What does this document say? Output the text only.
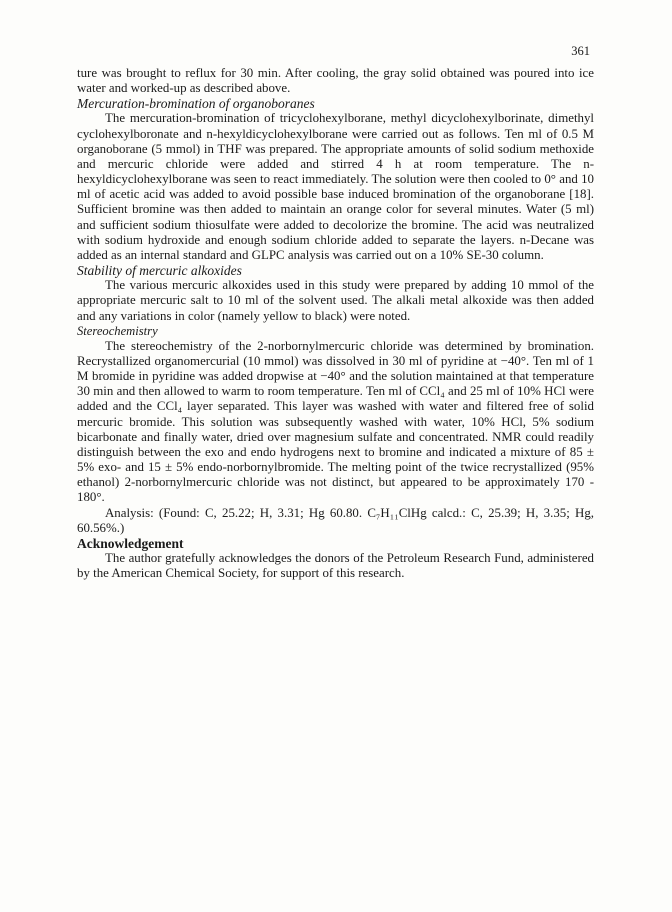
361

ture was brought to reflux for 30 min. After cooling, the gray solid obtained was poured into ice water and worked-up as described above.

Mercuration-bromination of organoboranes

The mercuration-bromination of tricyclohexylborane, methyl dicyclohexylborinate, dimethyl cyclohexylboronate and n-hexyldicyclohexylborane were carried out as follows. Ten ml of 0.5 M organoborane (5 mmol) in THF was prepared. The appropriate amounts of solid sodium methoxide and mercuric chloride were added and stirred 4 h at room temperature. The n-hexyldicyclohexylborane was seen to react immediately. The solution were then cooled to 0° and 10 ml of acetic acid was added to avoid possible base induced bromination of the organoborane [18]. Sufficient bromine was then added to maintain an orange color for several minutes. Water (5 ml) and sufficient sodium thiosulfate were added to decolorize the bromine. The acid was neutralized with sodium hydroxide and enough sodium chloride added to separate the layers. n-Decane was added as an internal standard and GLPC analysis was carried out on a 10% SE-30 column.

Stability of mercuric alkoxides

The various mercuric alkoxides used in this study were prepared by adding 10 mmol of the appropriate mercuric salt to 10 ml of the solvent used. The alkali metal alkoxide was then added and any variations in color (namely yellow to black) were noted.

Stereochemistry

The stereochemistry of the 2-norbornylmercuric chloride was determined by bromination. Recrystallized organomercurial (10 mmol) was dissolved in 30 ml of pyridine at −40°. Ten ml of 1 M bromide in pyridine was added dropwise at −40° and the solution maintained at that temperature 30 min and then allowed to warm to room temperature. Ten ml of CCl₄ and 25 ml of 10% HCl were added and the CCl₄ layer separated. This layer was washed with water and filtered free of solid mercuric bromide. This solution was subsequently washed with water, 10% HCl, 5% sodium bicarbonate and finally water, dried over magnesium sulfate and concentrated. NMR could readily distinguish between the exo and endo hydrogens next to bromine and indicated a mixture of 85 ± 5% exo- and 15 ± 5% endo-norbornylbromide. The melting point of the twice recrystallized (95% ethanol) 2-norbornylmercuric chloride was not distinct, but appeared to be approximately 170 - 180°.

Analysis: (Found: C, 25.22; H, 3.31; Hg 60.80. C₇H₁₁ClHg calcd.: C, 25.39; H, 3.35; Hg, 60.56%.)

Acknowledgement

The author gratefully acknowledges the donors of the Petroleum Research Fund, administered by the American Chemical Society, for support of this research.
